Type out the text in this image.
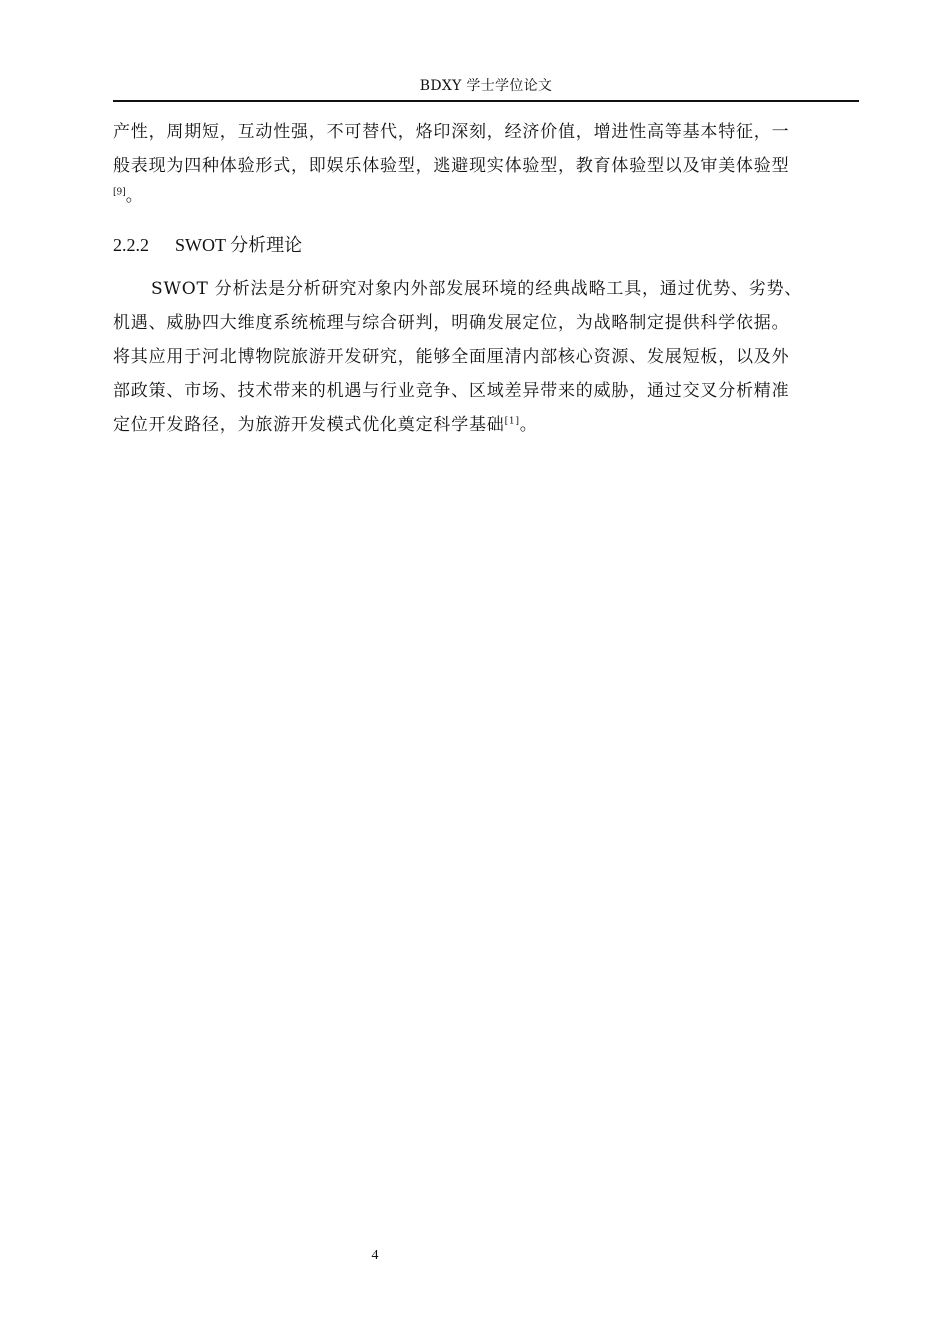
BDXY 学士学位论文
产性，周期短，互动性强，不可替代，烙印深刻，经济价值，增进性高等基本特征，一
般表现为四种体验形式，即娱乐体验型，逃避现实体验型，教育体验型以及审美体验型
[9]。
2.2.2 SWOT 分析理论
SWOT 分析法是分析研究对象内外部发展环境的经典战略工具，通过优势、劣势、
机遇、威胁四大维度系统梳理与综合研判，明确发展定位，为战略制定提供科学依据。
将其应用于河北博物院旅游开发研究，能够全面厘清内部核心资源、发展短板，以及外
部政策、市场、技术带来的机遇与行业竞争、区域差异带来的威胁，通过交叉分析精准
定位开发路径，为旅游开发模式优化奠定科学基础[1]。
4
